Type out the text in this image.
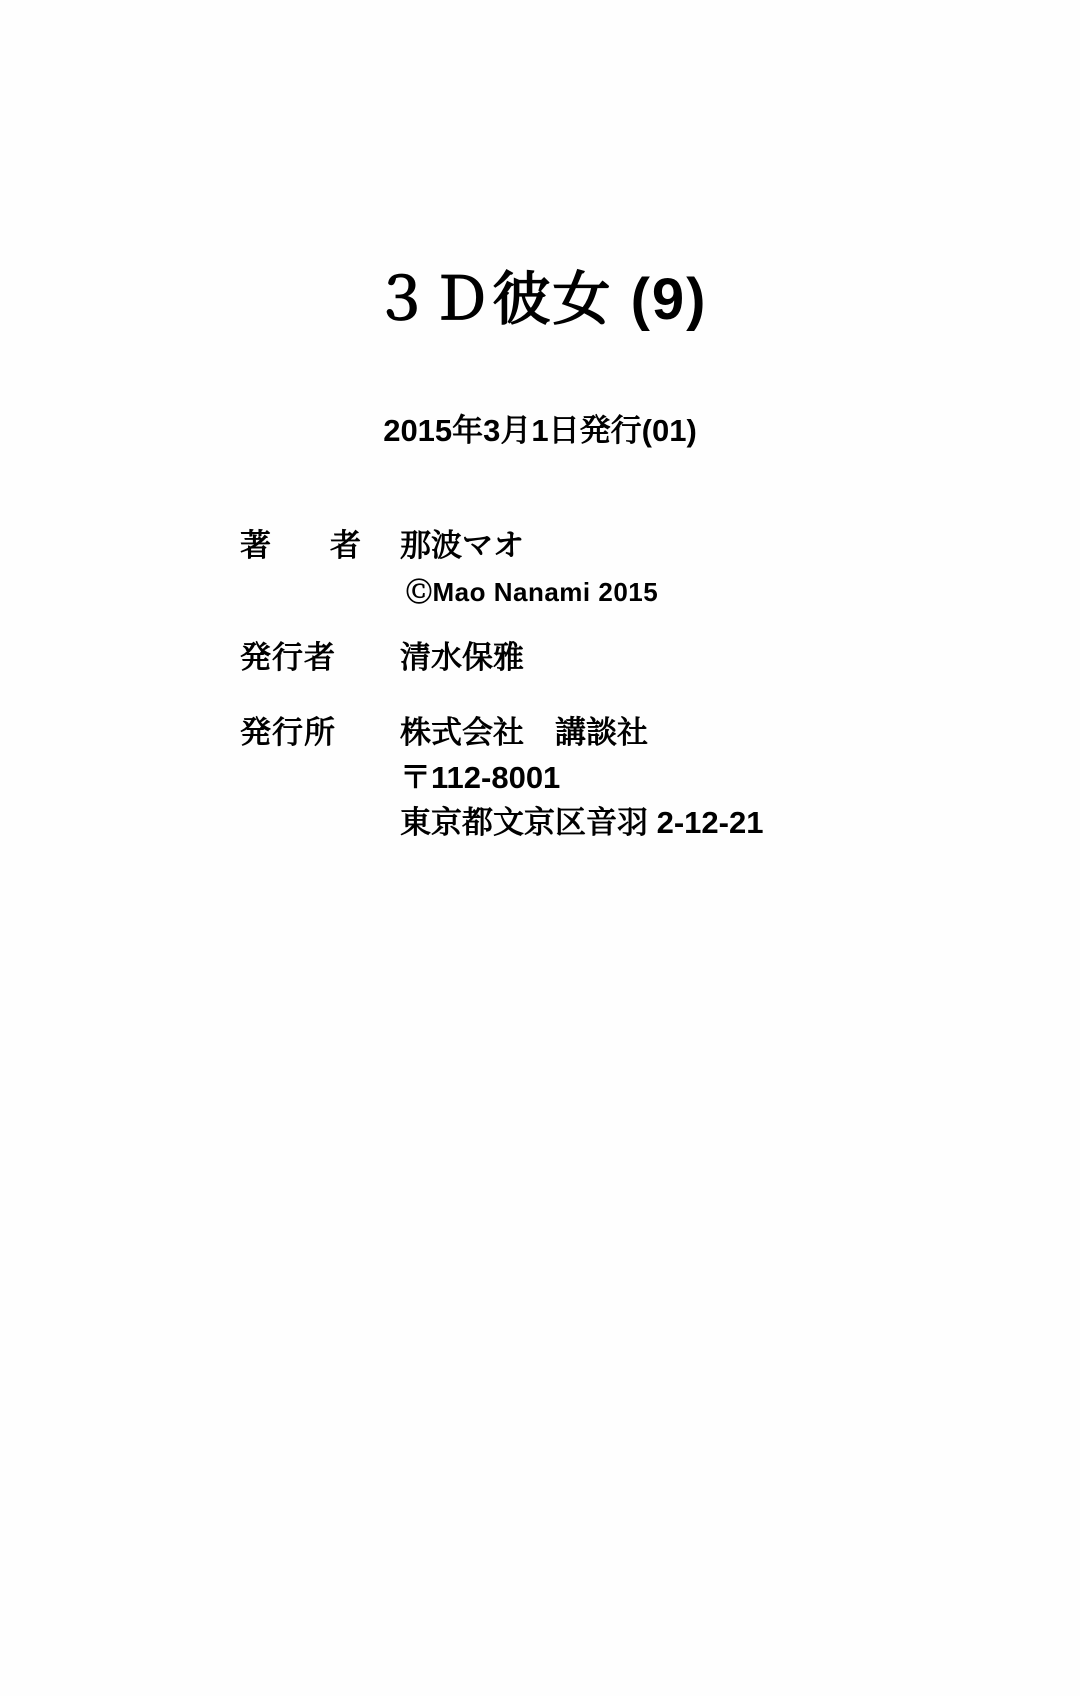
３Ｄ彼女 (9)
2015年3月1日発行(01)
著　者 那波マオ
ⒸMao Nanami 2015
発行者	清水保雅
発行所	株式会社　講談社
〒112-8001
東京都文京区音羽 2-12-21
